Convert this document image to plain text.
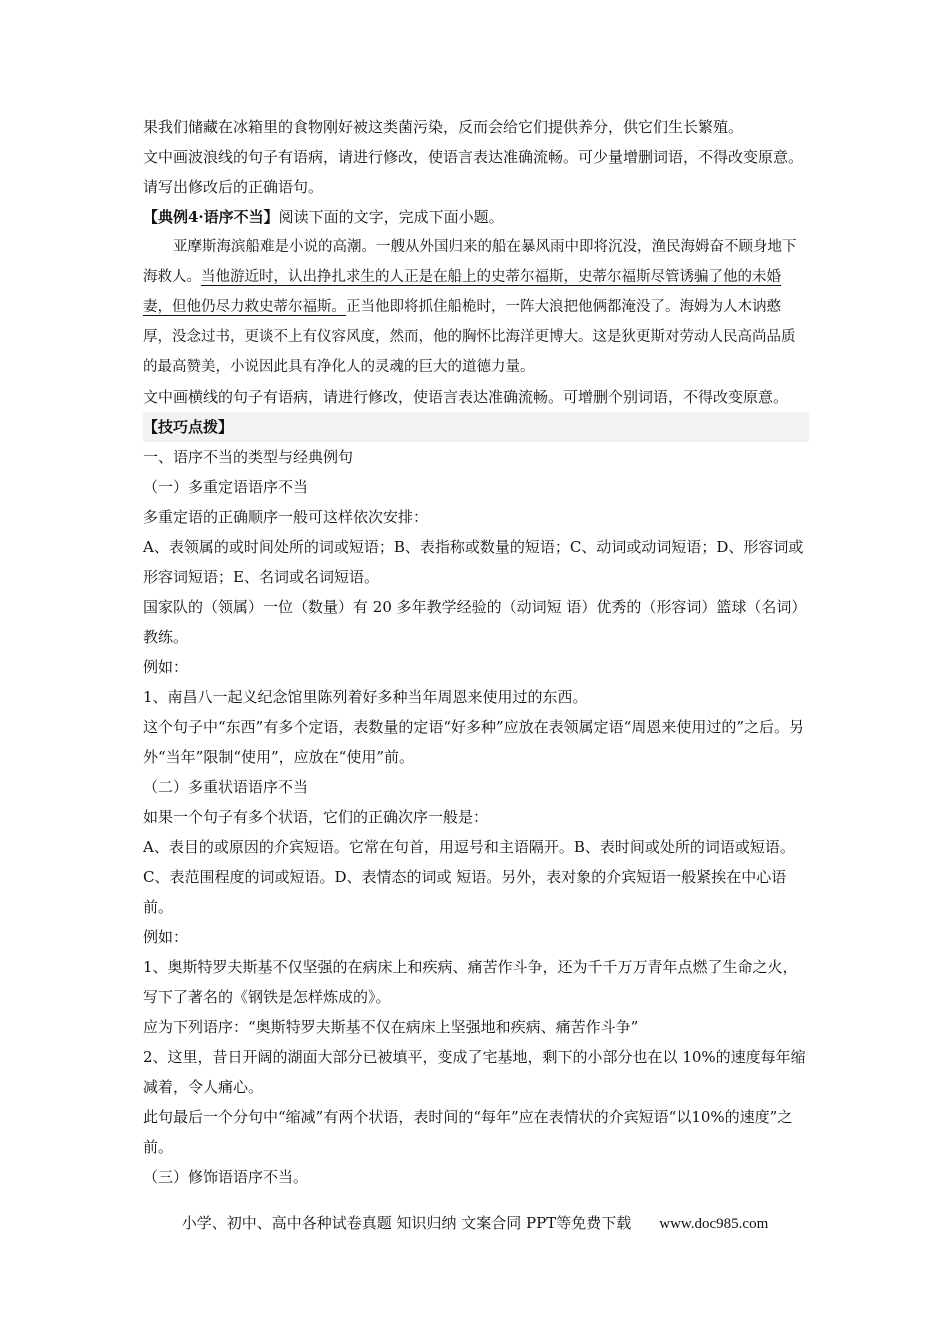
果我们储藏在冰箱里的食物刚好被这类菌污染，反而会给它们提供养分，供它们生长繁殖。

文中画波浪线的句子有语病，请进行修改，使语言表达准确流畅。可少量增删词语，不得改变原意。请写出修改后的正确语句。

【典例4·语序不当】阅读下面的文字，完成下面小题。

亚摩斯海滨船难是小说的高潮。一艘从外国归来的船在暴风雨中即将沉没，渔民海姆奋不顾身地下海救人。当他游近时，认出挣扎求生的人正是在船上的史蒂尔福斯，史蒂尔福斯尽管诱骗了他的未婚妻，但他仍尽力救史蒂尔福斯。正当他即将抓住船桅时，一阵大浪把他俩都淹没了。海姆为人木讷憨厚，没念过书，更谈不上有仪容风度，然而，他的胸怀比海洋更博大。这是狄更斯对劳动人民高尚品质的最高赞美，小说因此具有净化人的灵魂的巨大的道德力量。

文中画横线的句子有语病，请进行修改，使语言表达准确流畅。可增删个别词语，不得改变原意。

【技巧点拨】

一、语序不当的类型与经典例句

（一）多重定语语序不当

多重定语的正确顺序一般可这样依次安排：

A、表领属的或时间处所的词或短语；B、表指称或数量的短语；C、动词或动词短语；D、形容词或形容词短语；E、名词或名词短语。

国家队的（领属）一位（数量）有 20 多年教学经验的（动词短 语）优秀的（形容词）篮球（名词）教练。

例如：

1、南昌八一起义纪念馆里陈列着好多种当年周恩来使用过的东西。

这个句子中“东西”有多个定语，表数量的定语“好多种”应放在表领属定语“周恩来使用过的”之后。另外“当年”限制“使用”，应放在“使用”前。

（二）多重状语语序不当

如果一个句子有多个状语，它们的正确次序一般是：

A、表目的或原因的介宾短语。它常在句首，用逗号和主语隔开。B、表时间或处所的词语或短语。C、表范围程度的词或短语。D、表情态的词或 短语。另外，表对象的介宾短语一般紧挨在中心语前。

例如：

1、奥斯特罗夫斯基不仅坚强的在病床上和疾病、痛苦作斗争，还为千千万万青年点燃了生命之火，写下了著名的《钢铁是怎样炼成的》。

应为下列语序：“奥斯特罗夫斯基不仅在病床上坚强地和疾病、痛苦作斗争”

2、这里，昔日开阔的湖面大部分已被填平，变成了宅基地，剩下的小部分也在以 10%的速度每年缩减着，令人痛心。

此句最后一个分句中“缩减”有两个状语，表时间的“每年”应在表情状的介宾短语“以10%的速度”之前。

（三）修饰语语序不当。

小学、初中、高中各种试卷真题 知识归纳 文案合同 PPT等免费下载 www.doc985.com
